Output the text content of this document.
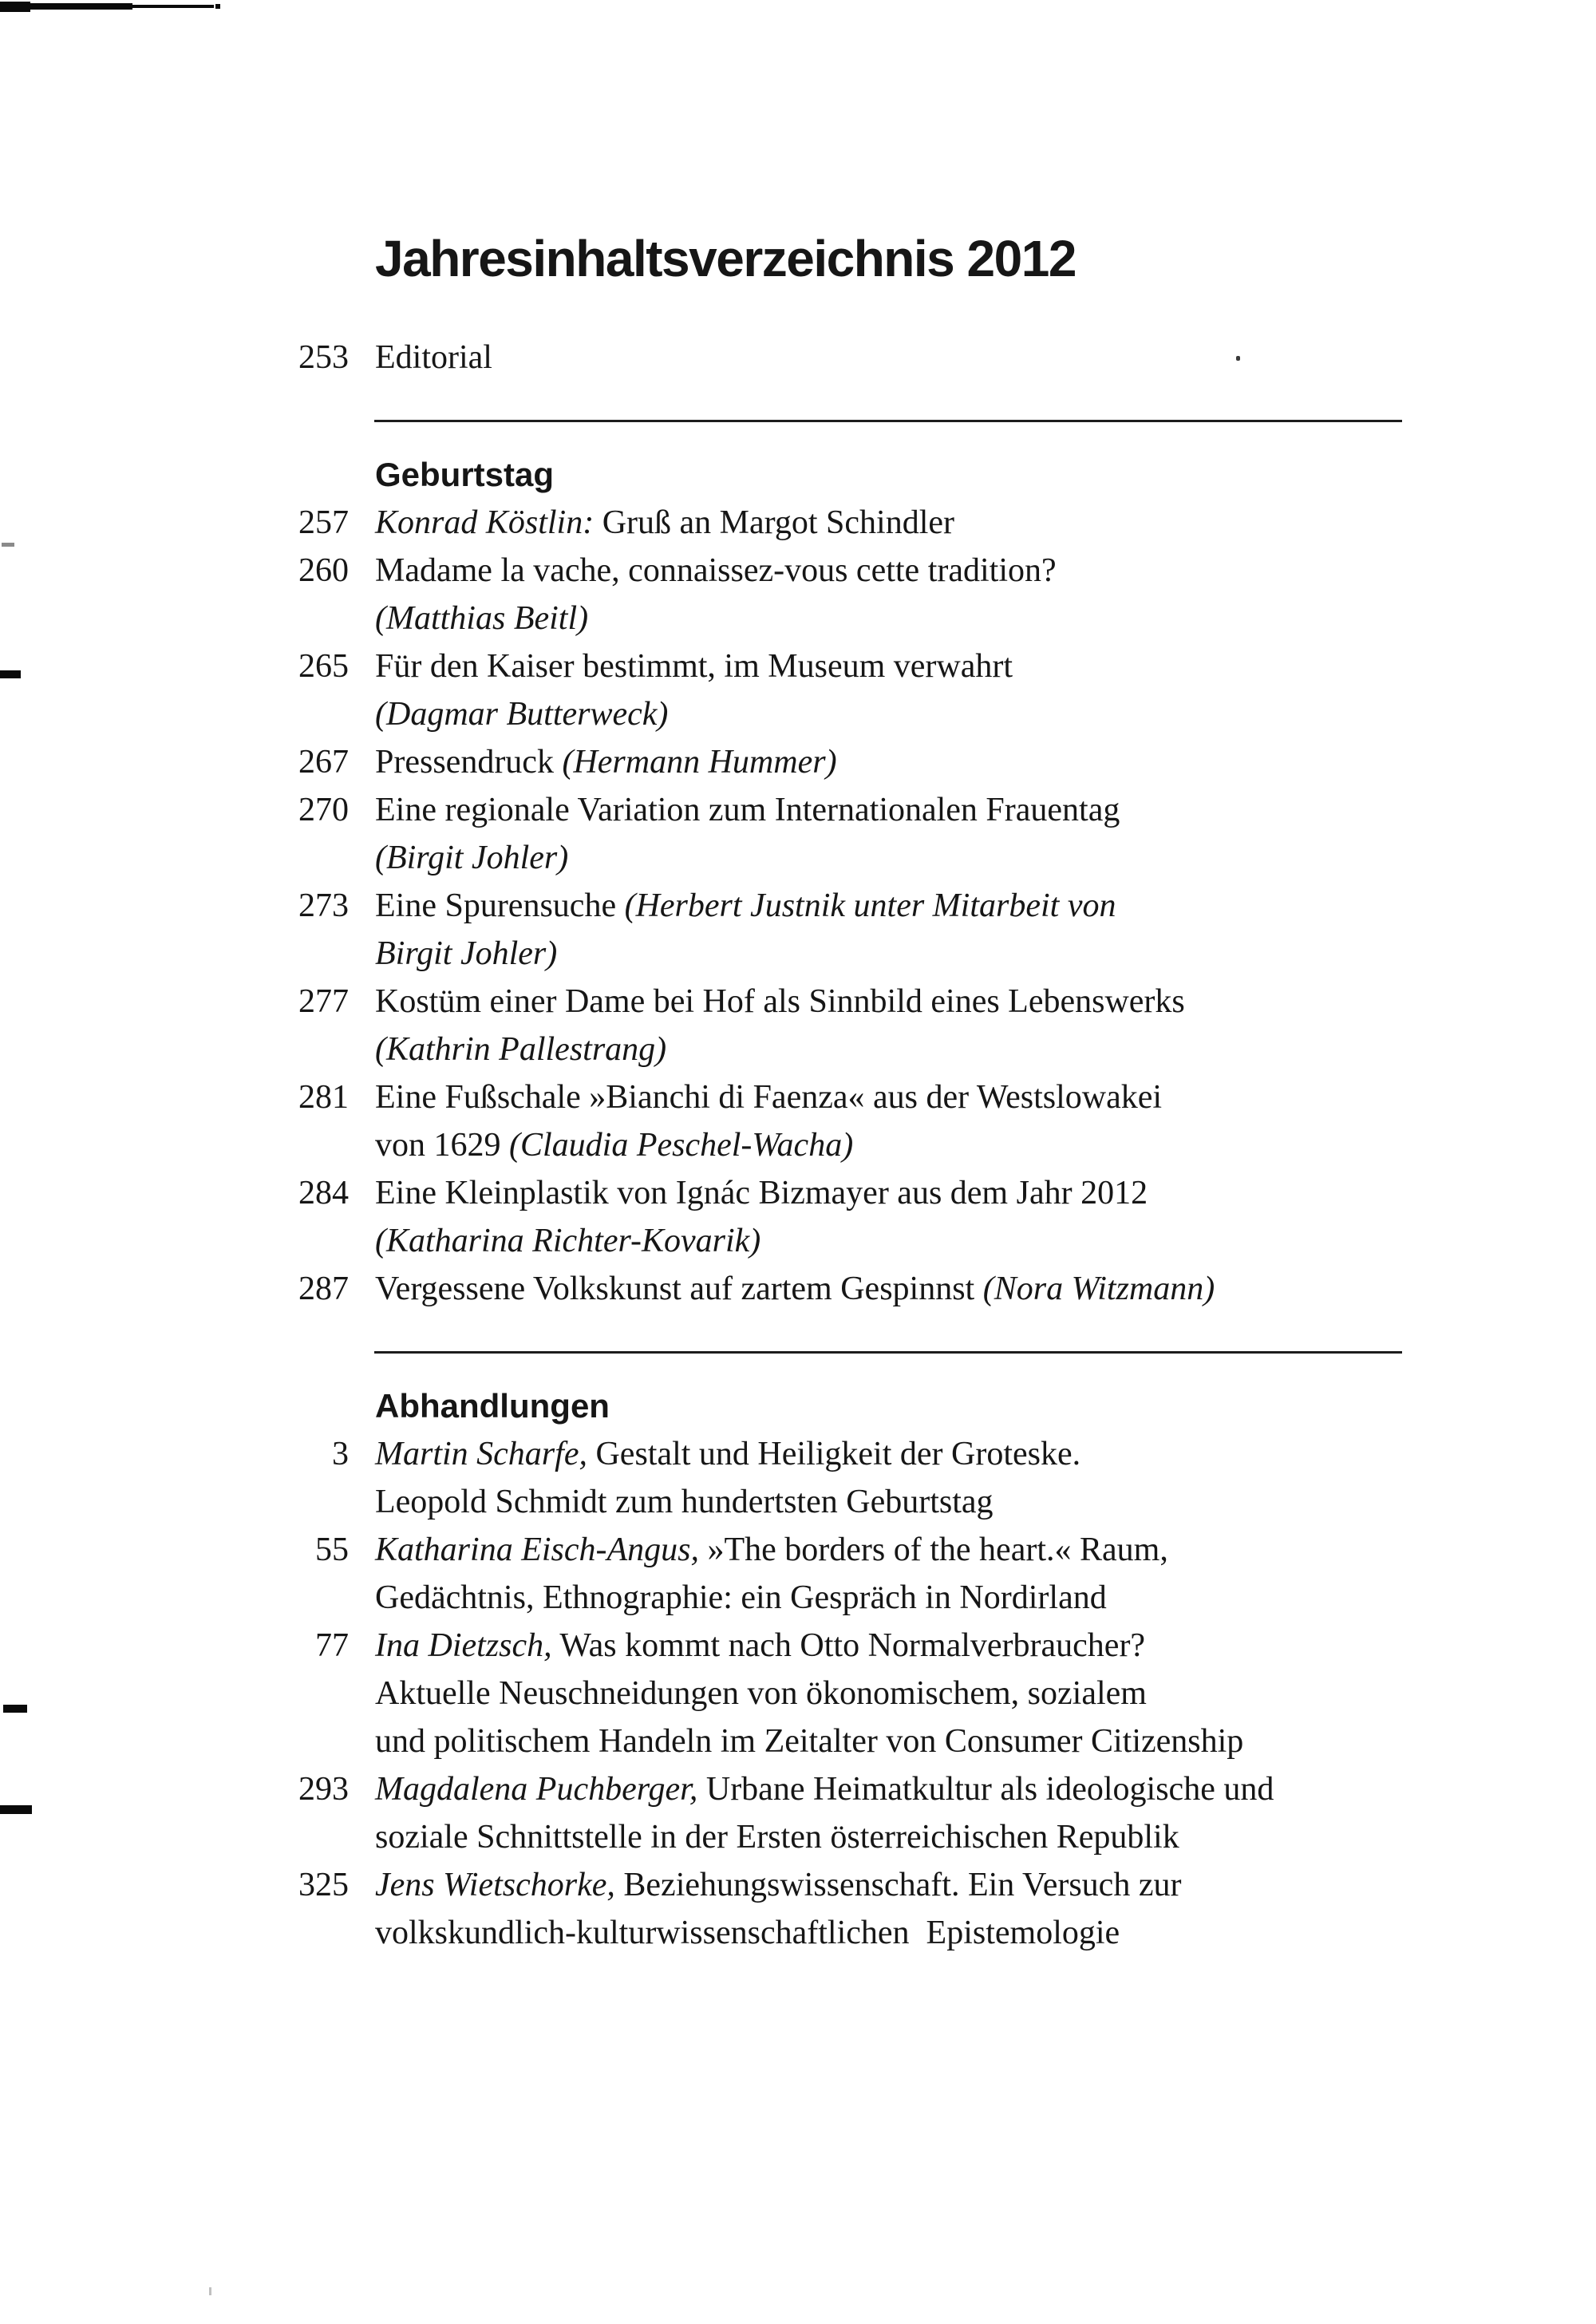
Jahresinhaltsverzeichnis 2012
253 Editorial
Geburtstag
257 Konrad Köstlin: Gruß an Margot Schindler
260 Madame la vache, connaissez-vous cette tradition?
(Matthias Beitl)
265 Für den Kaiser bestimmt, im Museum verwahrt
(Dagmar Butterweck)
267 Pressendruck (Hermann Hummer)
270 Eine regionale Variation zum Internationalen Frauentag
(Birgit Johler)
273 Eine Spurensuche (Herbert Justnik unter Mitarbeit von
Birgit Johler)
277 Kostüm einer Dame bei Hof als Sinnbild eines Lebenswerks
(Kathrin Pallestrang)
281 Eine Fußschale »Bianchi di Faenza« aus der Westslowakei
von 1629 (Claudia Peschel-Wacha)
284 Eine Kleinplastik von Ignác Bizmayer aus dem Jahr 2012
(Katharina Richter-Kovarik)
287 Vergessene Volkskunst auf zartem Gespinnst (Nora Witzmann)
Abhandlungen
3 Martin Scharfe, Gestalt und Heiligkeit der Groteske.
Leopold Schmidt zum hundertsten Geburtstag
55 Katharina Eisch-Angus, »The borders of the heart.« Raum,
Gedächtnis, Ethnographie: ein Gespräch in Nordirland
77 Ina Dietzsch, Was kommt nach Otto Normalverbraucher?
Aktuelle Neuschneidungen von ökonomischem, sozialem
und politischem Handeln im Zeitalter von Consumer Citizenship
293 Magdalena Puchberger, Urbane Heimatkultur als ideologische und
soziale Schnittstelle in der Ersten österreichischen Republik
325 Jens Wietschorke, Beziehungswissenschaft. Ein Versuch zur
volkskundlich-kulturwissenschaftlichen  Epistemologie
